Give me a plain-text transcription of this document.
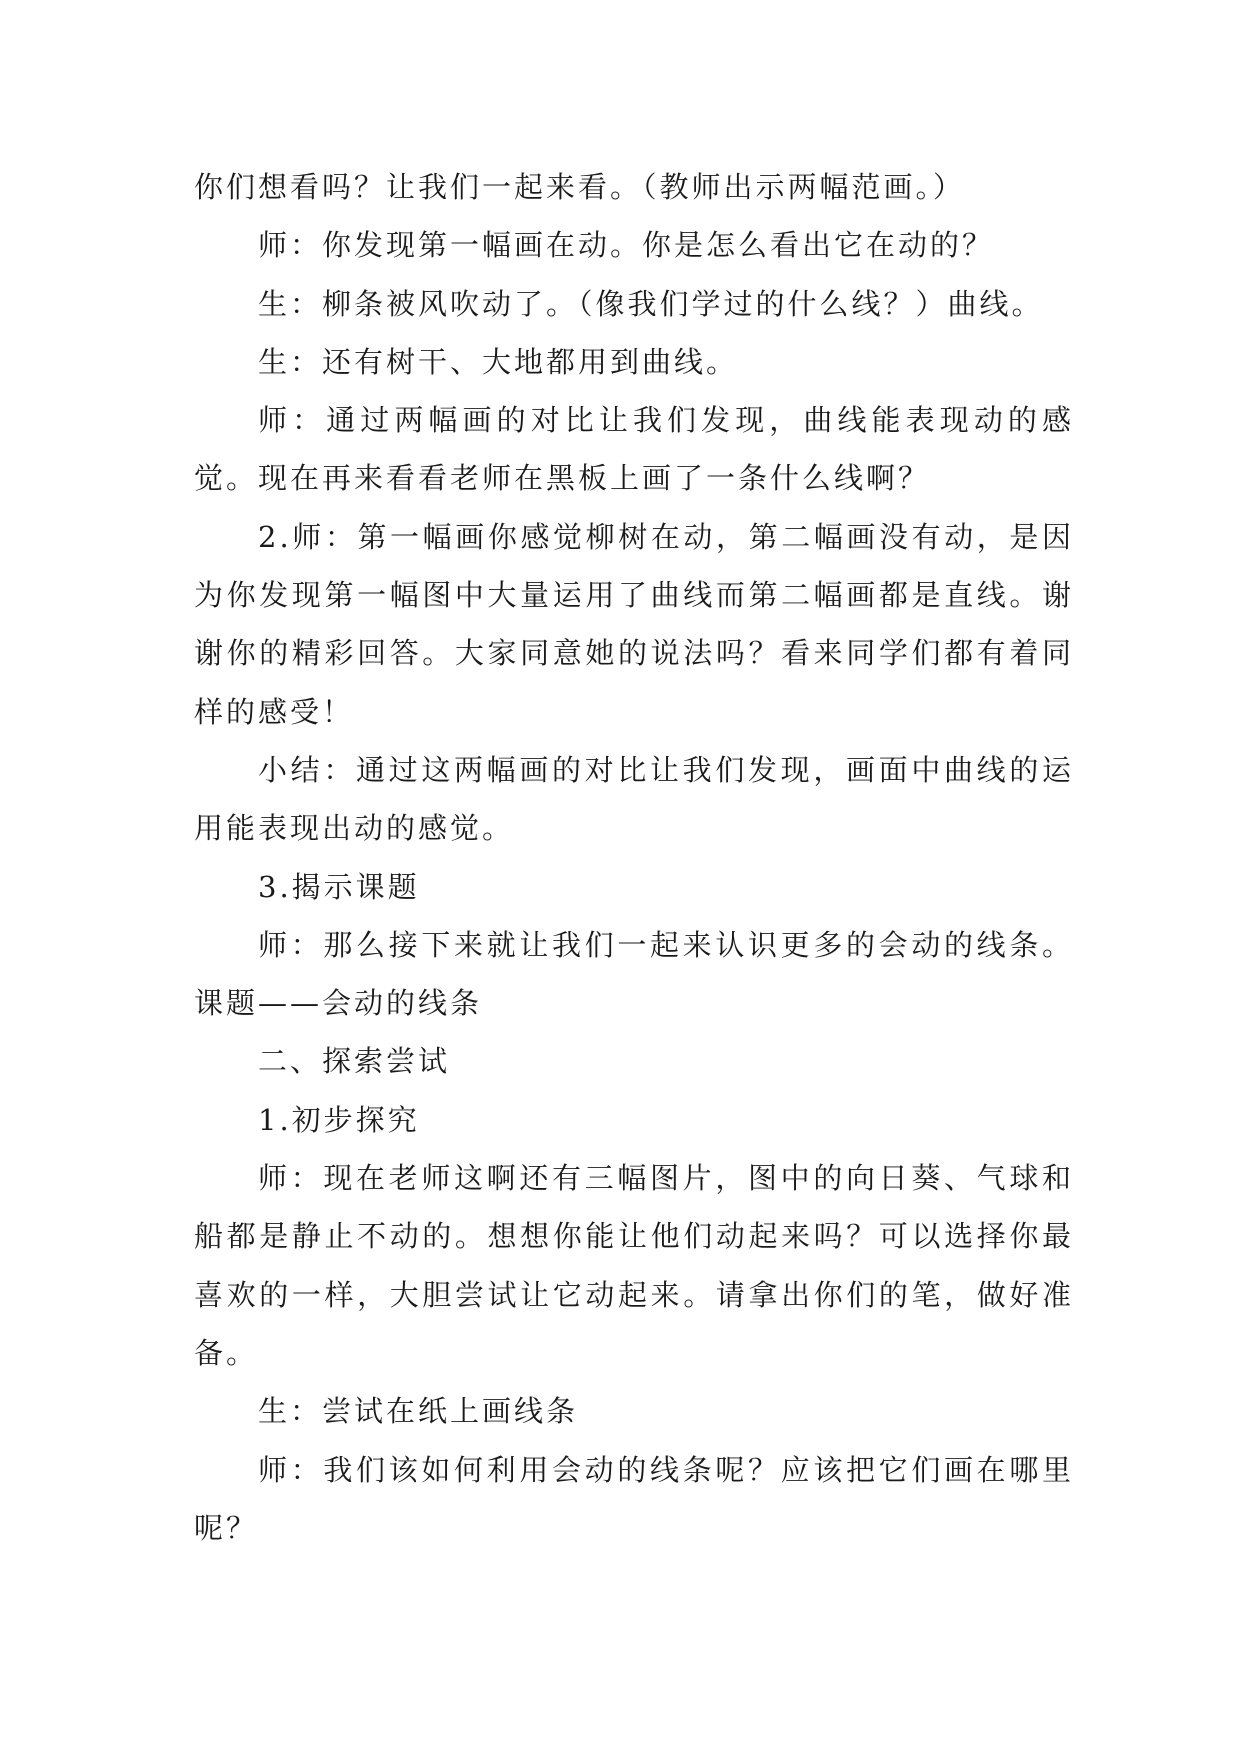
你们想看吗？让我们一起来看。（教师出示两幅范画。）

师：你发现第一幅画在动。你是怎么看出它在动的？

生：柳条被风吹动了。（像我们学过的什么线？）曲线。

生：还有树干、大地都用到曲线。

师：通过两幅画的对比让我们发现，曲线能表现动的感觉。现在再来看看老师在黑板上画了一条什么线啊？

2.师：第一幅画你感觉柳树在动，第二幅画没有动，是因为你发现第一幅图中大量运用了曲线而第二幅画都是直线。谢谢你的精彩回答。大家同意她的说法吗？看来同学们都有着同样的感受！

小结：通过这两幅画的对比让我们发现，画面中曲线的运用能表现出动的感觉。

3.揭示课题

师：那么接下来就让我们一起来认识更多的会动的线条。课题——会动的线条

二、探索尝试

1.初步探究

师：现在老师这啊还有三幅图片，图中的向日葵、气球和船都是静止不动的。想想你能让他们动起来吗？可以选择你最喜欢的一样，大胆尝试让它动起来。请拿出你们的笔，做好准备。

生：尝试在纸上画线条

师：我们该如何利用会动的线条呢？应该把它们画在哪里呢？
